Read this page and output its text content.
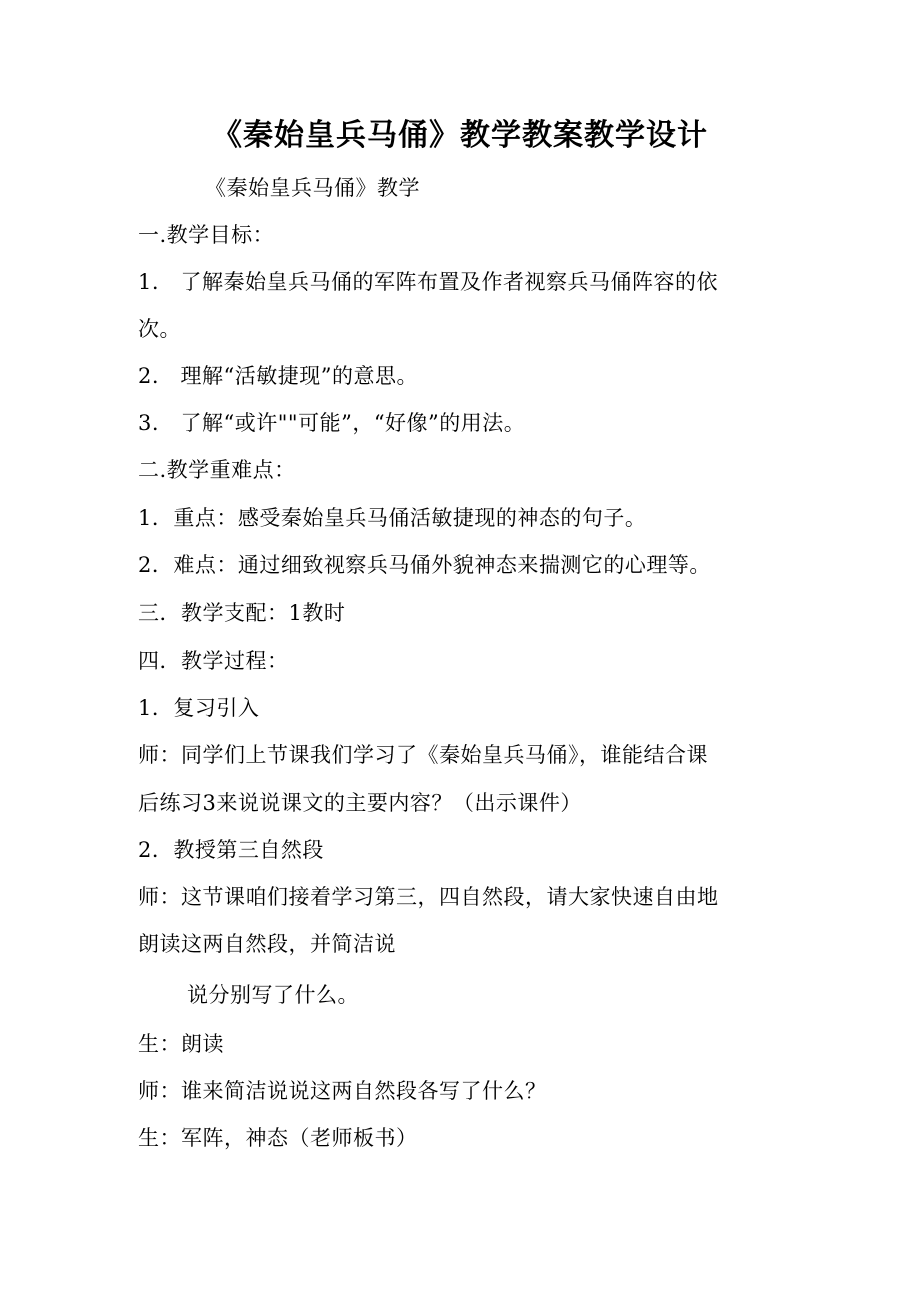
《秦始皇兵马俑》教学教案教学设计
《秦始皇兵马俑》教学
一.教学目标：
1.　了解秦始皇兵马俑的军阵布置及作者视察兵马俑阵容的依
次。
2.　理解“活敏捷现”的意思。
3.　了解“或许""可能”，“好像”的用法。
二.教学重难点：
1．重点：感受秦始皇兵马俑活敏捷现的神态的句子。
2．难点：通过细致视察兵马俑外貌神态来揣测它的心理等。
三．教学支配：1教时
四．教学过程：
1．复习引入
师：同学们上节课我们学习了《秦始皇兵马俑》，谁能结合课
后练习3来说说课文的主要内容？（出示课件）
2．教授第三自然段
师：这节课咱们接着学习第三，四自然段，请大家快速自由地
朗读这两自然段，并简洁说
说分别写了什么。
生：朗读
师：谁来简洁说说这两自然段各写了什么？
生：军阵，神态（老师板书）
